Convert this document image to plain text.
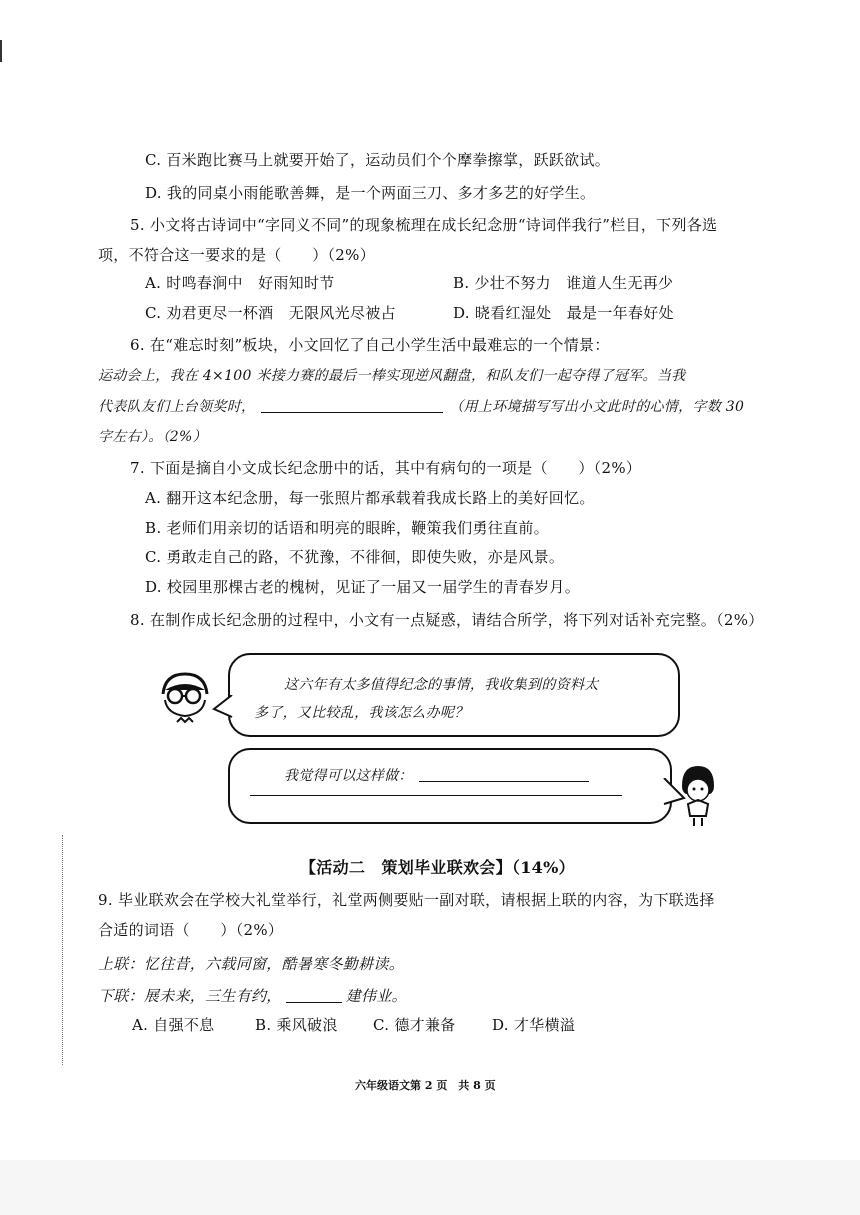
C. 百米跑比赛马上就要开始了，运动员们个个摩拳擦掌，跃跃欲试。
D. 我的同桌小雨能歌善舞，是一个两面三刀、多才多艺的好学生。
5. 小文将古诗词中“字同义不同”的现象梳理在成长纪念册“诗词伴我行”栏目，下列各选
项，不符合这一要求的是（　　）（2%）
A. 时鸣春涧中　好雨知时节	B. 少壮不努力　谁道人生无再少
C. 劝君更尽一杯酒　无限风光尽被占	D. 晓看红湿处　最是一年春好处
6. 在“难忘时刻”板块，小文回忆了自己小学生活中最难忘的一个情景：
运动会上，我在 4×100 米接力赛的最后一棒实现逆风翻盘，和队友们一起夺得了冠军。当我
代表队友们上台领奖时，	（用上环境描写写出小文此时的心情，字数 30
字左右）。（2%）
7. 下面是摘自小文成长纪念册中的话，其中有病句的一项是（　　）（2%）
A. 翻开这本纪念册，每一张照片都承载着我成长路上的美好回忆。
B. 老师们用亲切的话语和明亮的眼眸，鞭策我们勇往直前。
C. 勇敢走自己的路，不犹豫，不徘徊，即使失败，亦是风景。
D. 校园里那棵古老的槐树，见证了一届又一届学生的青春岁月。
8. 在制作成长纪念册的过程中，小文有一点疑惑，请结合所学，将下列对话补充完整。（2%）
这六年有太多值得纪念的事情，我收集到的资料太
多了，又比较乱，我该怎么办呢？
我觉得可以这样做：
【活动二　策划毕业联欢会】（14%）
9. 毕业联欢会在学校大礼堂举行，礼堂两侧要贴一副对联，请根据上联的内容，为下联选择
合适的词语（　　）（2%）
上联：忆往昔，六载同窗，酷暑寒冬勤耕读。
下联：展未来，三生有约，	建伟业。
A. 自强不息	B. 乘风破浪 C. 德才兼备 D. 才华横溢
六年级语文第 2 页　共 8 页
